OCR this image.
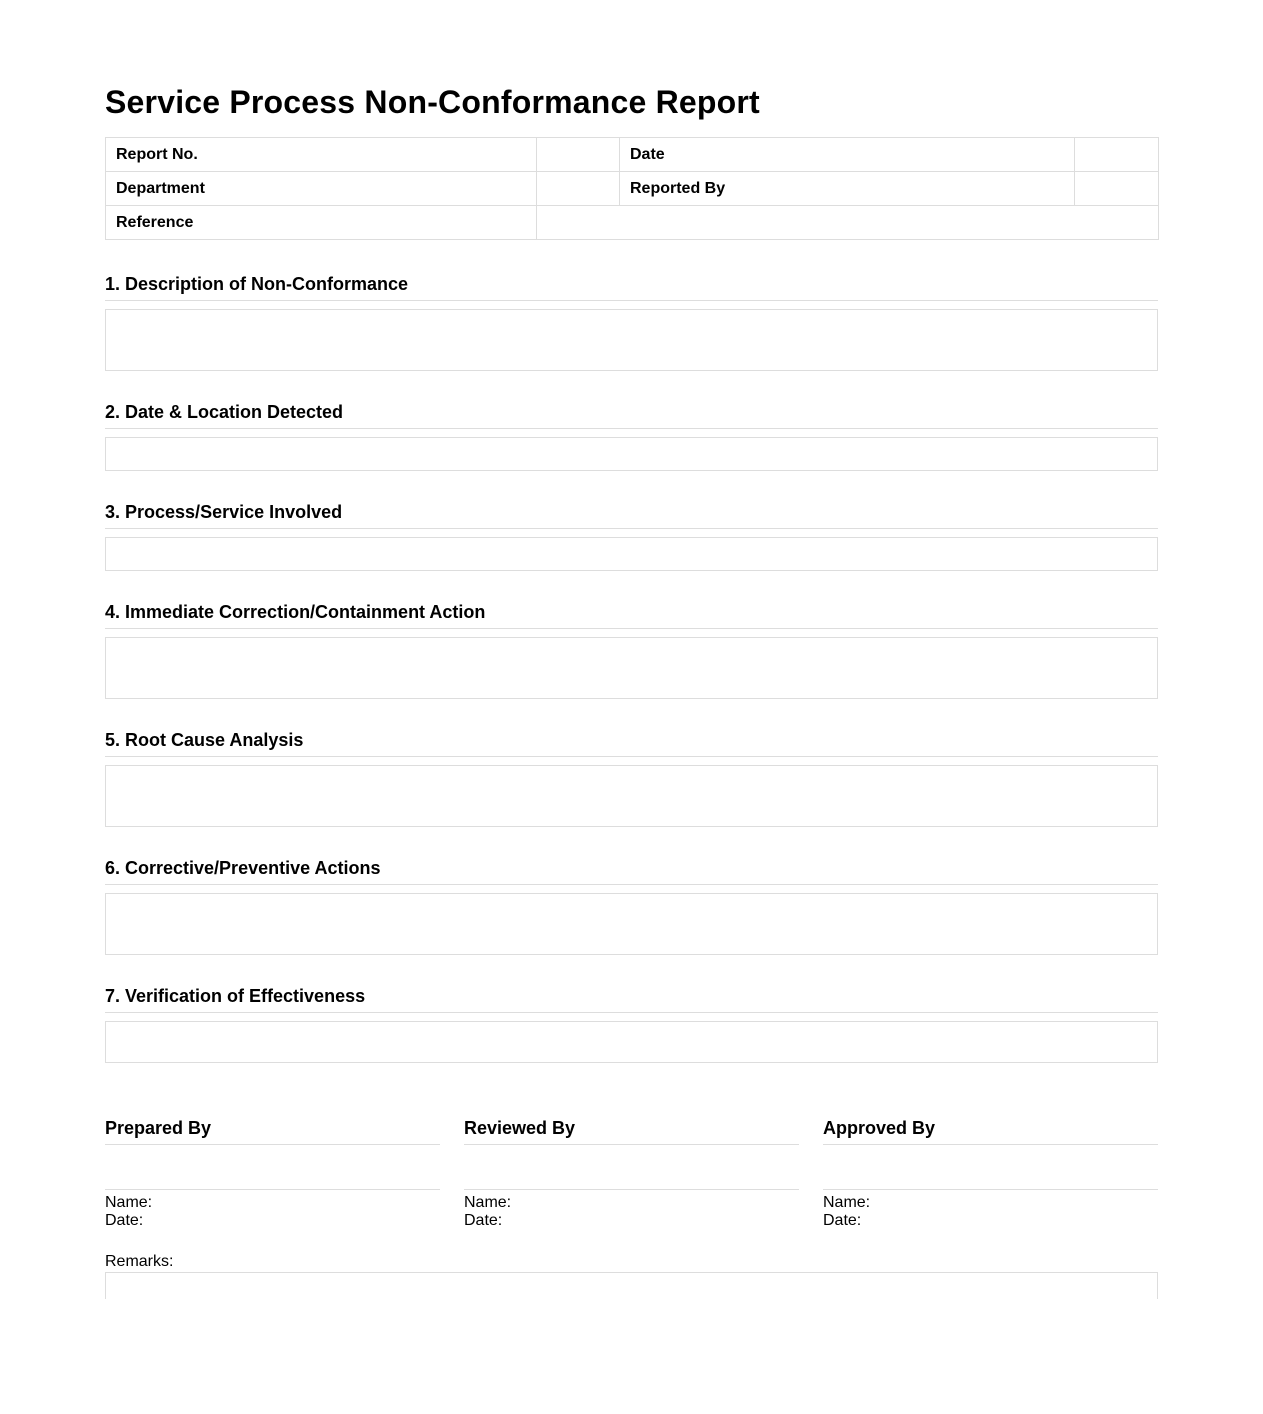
Service Process Non-Conformance Report
Report No.		Date	
Department		Reported By	
Reference			
1. Description of Non-Conformance
2. Date & Location Detected
3. Process/Service Involved
4. Immediate Correction/Containment Action
5. Root Cause Analysis
6. Corrective/Preventive Actions
7. Verification of Effectiveness
Prepared By
Name:
Date:
Reviewed By
Name:
Date:
Approved By
Name:
Date:
Remarks:
